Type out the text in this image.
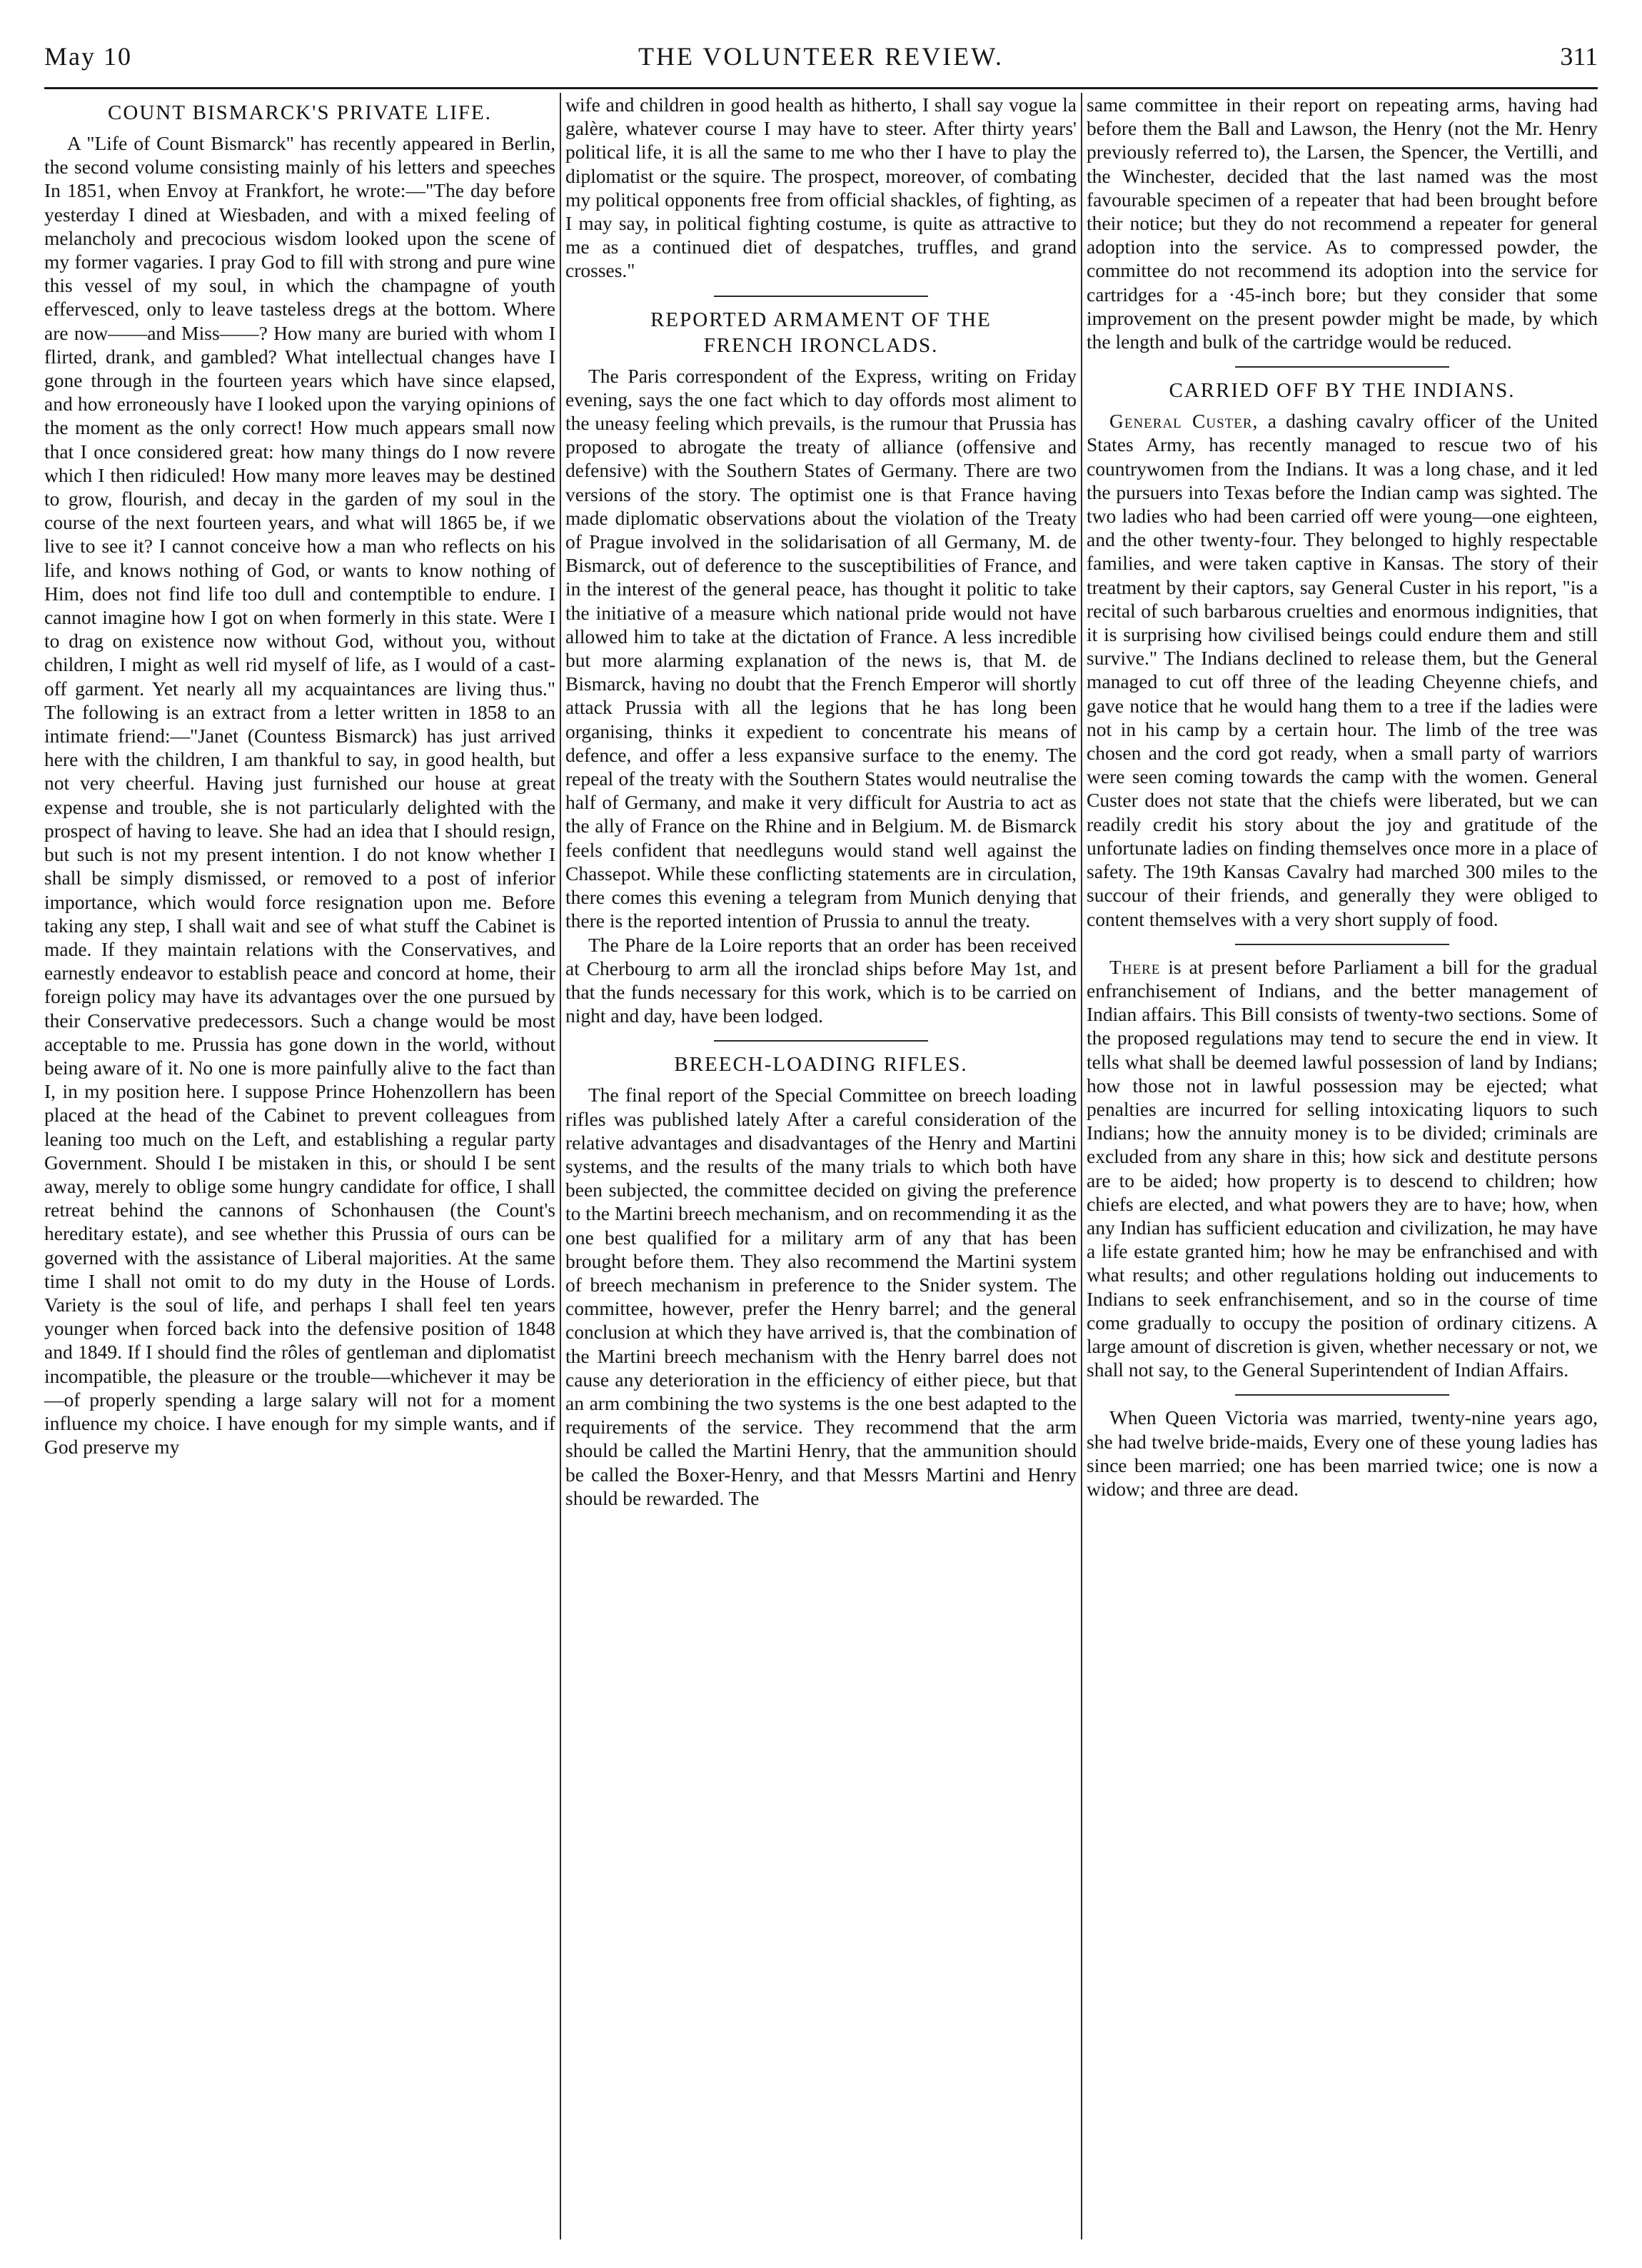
May 10	THE VOLUNTEER REVIEW.	311
COUNT BISMARCK'S PRIVATE LIFE.

A "Life of Count Bismarck" has recently appeared in Berlin, the second volume consisting mainly of his letters and speeches In 1851, when Envoy at Frankfort, he wrote:—"The day before yesterday I dined at Wiesbaden, and with a mixed feeling of melancholy and precocious wisdom looked upon the scene of my former vagaries. I pray God to fill with strong and pure wine this vessel of my soul, in which the champagne of youth effervesced, only to leave tasteless dregs at the bottom. Where are now——and Miss——? How many are buried with whom I flirted, drank, and gambled? What intellectual changes have I gone through in the fourteen years which have since elapsed, and how erroneously have I looked upon the varying opinions of the moment as the only correct! How much appears small now that I once considered great: how many things do I now revere which I then ridiculed! How many more leaves may be destined to grow, flourish, and decay in the garden of my soul in the course of the next fourteen years, and what will 1865 be, if we live to see it? I cannot conceive how a man who reflects on his life, and knows nothing of God, or wants to know nothing of Him, does not find life too dull and contemptible to endure. I cannot imagine how I got on when formerly in this state. Were I to drag on existence now without God, without you, without children, I might as well rid myself of life, as I would of a cast-off garment. Yet nearly all my acquaintances are living thus." The following is an extract from a letter written in 1858 to an intimate friend:—"Janet (Countess Bismarck) has just arrived here with the children, I am thankful to say, in good health, but not very cheerful. Having just furnished our house at great expense and trouble, she is not particularly delighted with the prospect of having to leave. She had an idea that I should resign, but such is not my present intention. I do not know whether I shall be simply dismissed, or removed to a post of inferior importance, which would force resignation upon me. Before taking any step, I shall wait and see of what stuff the Cabinet is made. If they maintain relations with the Conservatives, and earnestly endeavor to establish peace and concord at home, their foreign policy may have its advantages over the one pursued by their Conservative predecessors. Such a change would be most acceptable to me. Prussia has gone down in the world, without being aware of it. No one is more painfully alive to the fact than I, in my position here. I suppose Prince Hohenzollern has been placed at the head of the Cabinet to prevent colleagues from leaning too much on the Left, and establishing a regular party Government. Should I be mistaken in this, or should I be sent away, merely to oblige some hungry candidate for office, I shall retreat behind the cannons of Schonhausen (the Count's hereditary estate), and see whether this Prussia of ours can be governed with the assistance of Liberal majorities. At the same time I shall not omit to do my duty in the House of Lords. Variety is the soul of life, and perhaps I shall feel ten years younger when forced back into the defensive position of 1848 and 1849. If I should find the rôles of gentleman and diplomatist incompatible, the pleasure or the trouble—whichever it may be—of properly spending a large salary will not for a moment influence my choice. I have enough for my simple wants, and if God preserve my

wife and children in good health as hitherto, I shall say vogue la galère, whatever course I may have to steer. After thirty years' political life, it is all the same to me who ther I have to play the diplomatist or the squire. The prospect, moreover, of combating my political opponents free from official shackles, of fighting, as I may say, in political fighting costume, is quite as attractive to me as a continued diet of despatches, truffles, and grand crosses."

REPORTED ARMAMENT OF THE
FRENCH IRONCLADS.

The Paris correspondent of the Express, writing on Friday evening, says the one fact which to day offords most aliment to the uneasy feeling which prevails, is the rumour that Prussia has proposed to abrogate the treaty of alliance (offensive and defensive) with the Southern States of Germany. There are two versions of the story. The optimist one is that France having made diplomatic observations about the violation of the Treaty of Prague involved in the solidarisation of all Germany, M. de Bismarck, out of deference to the susceptibilities of France, and in the interest of the general peace, has thought it politic to take the initiative of a measure which national pride would not have allowed him to take at the dictation of France. A less incredible but more alarming explanation of the news is, that M. de Bismarck, having no doubt that the French Emperor will shortly attack Prussia with all the legions that he has long been organising, thinks it expedient to concentrate his means of defence, and offer a less expansive surface to the enemy. The repeal of the treaty with the Southern States would neutralise the half of Germany, and make it very difficult for Austria to act as the ally of France on the Rhine and in Belgium. M. de Bismarck feels confident that needleguns would stand well against the Chassepot. While these conflicting statements are in circulation, there comes this evening a telegram from Munich denying that there is the reported intention of Prussia to annul the treaty.

The Phare de la Loire reports that an order has been received at Cherbourg to arm all the ironclad ships before May 1st, and that the funds necessary for this work, which is to be carried on night and day, have been lodged.

BREECH-LOADING RIFLES.

The final report of the Special Committee on breech loading rifles was published lately After a careful consideration of the relative advantages and disadvantages of the Henry and Martini systems, and the results of the many trials to which both have been subjected, the committee decided on giving the preference to the Martini breech mechanism, and on recommending it as the one best qualified for a military arm of any that has been brought before them. They also recommend the Martini system of breech mechanism in preference to the Snider system. The committee, however, prefer the Henry barrel; and the general conclusion at which they have arrived is, that the combination of the Martini breech mechanism with the Henry barrel does not cause any deterioration in the efficiency of either piece, but that an arm combining the two systems is the one best adapted to the requirements of the service. They recommend that the arm should be called the Martini Henry, that the ammunition should be called the Boxer-Henry, and that Messrs Martini and Henry should be rewarded. The

same committee in their report on repeating arms, having had before them the Ball and Lawson, the Henry (not the Mr. Henry previously referred to), the Larsen, the Spencer, the Vertilli, and the Winchester, decided that the last named was the most favourable specimen of a repeater that had been brought before their notice; but they do not recommend a repeater for general adoption into the service. As to compressed powder, the committee do not recommend its adoption into the service for cartridges for a ·45-inch bore; but they consider that some improvement on the present powder might be made, by which the length and bulk of the cartridge would be reduced.

CARRIED OFF BY THE INDIANS.

General Custer, a dashing cavalry officer of the United States Army, has recently managed to rescue two of his countrywomen from the Indians. It was a long chase, and it led the pursuers into Texas before the Indian camp was sighted. The two ladies who had been carried off were young—one eighteen, and the other twenty-four. They belonged to highly respectable families, and were taken captive in Kansas. The story of their treatment by their captors, say General Custer in his report, "is a recital of such barbarous cruelties and enormous indignities, that it is surprising how civilised beings could endure them and still survive." The Indians declined to release them, but the General managed to cut off three of the leading Cheyenne chiefs, and gave notice that he would hang them to a tree if the ladies were not in his camp by a certain hour. The limb of the tree was chosen and the cord got ready, when a small party of warriors were seen coming towards the camp with the women. General Custer does not state that the chiefs were liberated, but we can readily credit his story about the joy and gratitude of the unfortunate ladies on finding themselves once more in a place of safety. The 19th Kansas Cavalry had marched 300 miles to the succour of their friends, and generally they were obliged to content themselves with a very short supply of food.

There is at present before Parliament a bill for the gradual enfranchisement of Indians, and the better management of Indian affairs. This Bill consists of twenty-two sections. Some of the proposed regulations may tend to secure the end in view. It tells what shall be deemed lawful possession of land by Indians; how those not in lawful possession may be ejected; what penalties are incurred for selling intoxicating liquors to such Indians; how the annuity money is to be divided; criminals are excluded from any share in this; how sick and destitute persons are to be aided; how property is to descend to children; how chiefs are elected, and what powers they are to have; how, when any Indian has sufficient education and civilization, he may have a life estate granted him; how he may be enfranchised and with what results; and other regulations holding out inducements to Indians to seek enfranchisement, and so in the course of time come gradually to occupy the position of ordinary citizens. A large amount of discretion is given, whether necessary or not, we shall not say, to the General Superintendent of Indian Affairs.

When Queen Victoria was married, twenty-nine years ago, she had twelve bride-maids, Every one of these young ladies has since been married; one has been married twice; one is now a widow; and three are dead.
